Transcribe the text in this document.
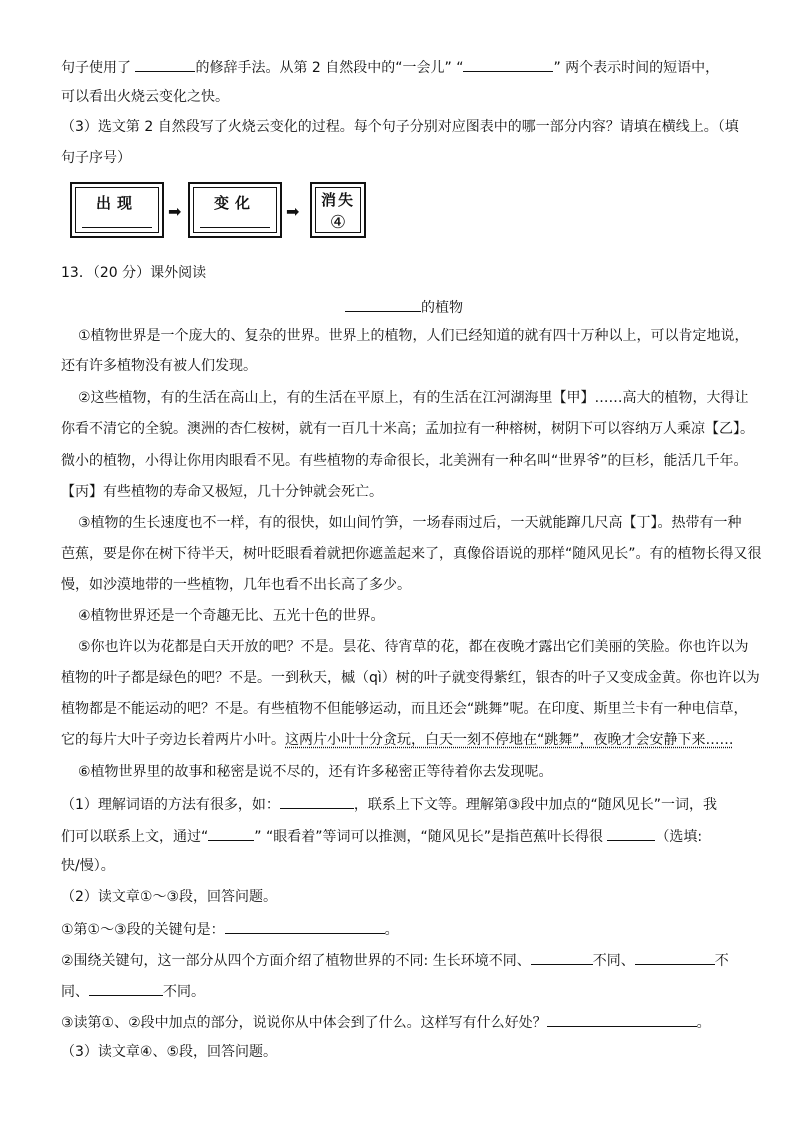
句子使用了	的修辞手法。从第 2 自然段中的“一会儿” “	” 两个表示时间的短语中，
可以看出火烧云变化之快。
（3）选文第 2 自然段写了火烧云变化的过程。每个句子分别对应图表中的哪一部分内容？请填在横线上。（填
句子序号）
出现	➡	变化	➡
消失
④
13．（20 分）课外阅读
的植物
①植物世界是一个庞大的、复杂的世界。世界上的植物，人们已经知道的就有四十万种以上，可以肯定地说，
还有许多植物没有被人们发现。
②这些植物，有的生活在高山上，有的生活在平原上，有的生活在江河湖海里【甲】……高大的植物，大得让
你看不清它的全貌。澳洲的杏仁桉树，就有一百几十米高；孟加拉有一种榕树，树阴下可以容纳万人乘凉【乙】。
微小的植物，小得让你用肉眼看不见。有些植物的寿命很长，北美洲有一种名叫“世界爷”的巨杉，能活几千年。
【丙】有些植物的寿命又极短，几十分钟就会死亡。
③植物的生长速度也不一样，有的很快，如山间竹笋，一场春雨过后，一天就能蹿几尺高【丁】。热带有一种
芭蕉，要是你在树下待半天，树叶眨眼看着就把你遮盖起来了，真像俗语说的那样“随风见长”。有的植物长得又很
慢，如沙漠地带的一些植物，几年也看不出长高了多少。
④植物世界还是一个奇趣无比、五光十色的世界。
⑤你也许以为花都是白天开放的吧？不是。昙花、待宵草的花，都在夜晚才露出它们美丽的笑脸。你也许以为
植物的叶子都是绿色的吧？不是。一到秋天，槭（qì）树的叶子就变得紫红，银杏的叶子又变成金黄。你也许以为
植物都是不能运动的吧？不是。有些植物不但能够运动，而且还会“跳舞”呢。在印度、斯里兰卡有一种电信草，
它的每片大叶子旁边长着两片小叶。这两片小叶十分贪玩，白天一刻不停地在“跳舞”，夜晚才会安静下来……
⑥植物世界里的故事和秘密是说不尽的，还有许多秘密正等待着你去发现呢。
（1）理解词语的方法有很多，如：	，联系上下文等。理解第③段中加点的“随风见长”一词，我
们可以联系上文，通过“	” “眼看着”等词可以推测，“随风见长”是指芭蕉叶长得很	（选填:
快/慢）。
（2）读文章①～③段，回答问题。
①第①～③段的关键句是：	。
②围绕关键句，这一部分从四个方面介绍了植物世界的不同: 生长环境不同、	不同、	不
同、	不同。
③读第①、②段中加点的部分，说说你从中体会到了什么。这样写有什么好处？	。
（3）读文章④、⑤段，回答问题。
